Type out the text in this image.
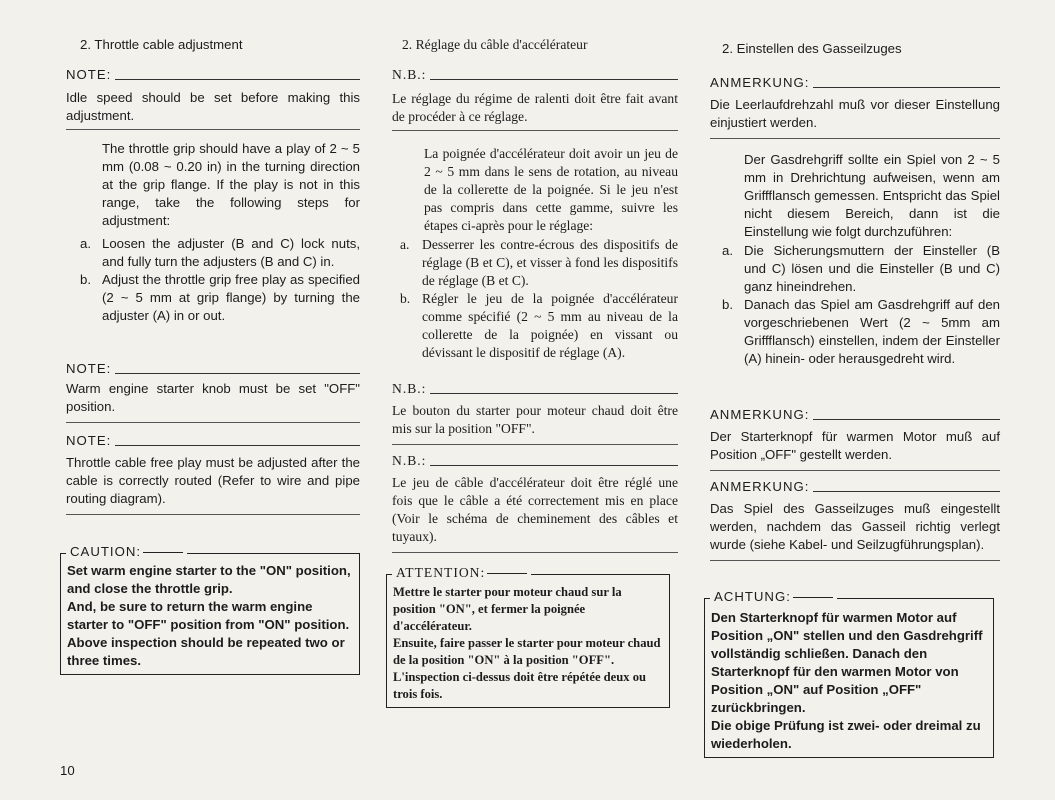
2. Throttle cable adjustment
NOTE:
Idle speed should be set before making this adjustment.
The throttle grip should have a play of 2 ~ 5 mm (0.08 ~ 0.20 in) in the turning direction at the grip flange. If the play is not in this range, take the following steps for adjustment:
a. Loosen the adjuster (B and C) lock nuts, and fully turn the adjusters (B and C) in.
b. Adjust the throttle grip free play as specified (2 ~ 5 mm at grip flange) by turning the adjuster (A) in or out.
NOTE:
Warm engine starter knob must be set "OFF" position.
NOTE:
Throttle cable free play must be adjusted after the cable is correctly routed (Refer to wire and pipe routing diagram).
Set warm engine starter to the "ON" position, and close the throttle grip.
And, be sure to return the warm engine starter to "OFF" position from "ON" position.
Above inspection should be repeated two or three times.
CAUTION:
2. Réglage du câble d'accélérateur
N.B.:
Le réglage du régime de ralenti doit être fait avant de procéder à ce réglage.
La poignée d'accélérateur doit avoir un jeu de 2 ~ 5 mm dans le sens de rotation, au niveau de la collerette de la poignée. Si le jeu n'est pas compris dans cette gamme, suivre les étapes ci-après pour le réglage:
a. Desserrer les contre-écrous des dispositifs de réglage (B et C), et visser à fond les dispositifs de réglage (B et C).
b. Régler le jeu de la poignée d'accélérateur comme spécifié (2 ~ 5 mm au niveau de la collerette de la poignée) en vissant ou dévissant le dispositif de réglage (A).
N.B.:
Le bouton du starter pour moteur chaud doit être mis sur la position "OFF".
N.B.:
Le jeu de câble d'accélérateur doit être réglé une fois que le câble a été correctement mis en place (Voir le schéma de cheminement des câbles et tuyaux).
Mettre le starter pour moteur chaud sur la position "ON", et fermer la poignée d'accélérateur.
Ensuite, faire passer le starter pour moteur chaud de la position "ON" à la position "OFF".
L'inspection ci-dessus doit être répétée deux ou trois fois.
ATTENTION:
2. Einstellen des Gasseilzuges
ANMERKUNG:
Die Leerlaufdrehzahl muß vor dieser Einstellung einjustiert werden.
Der Gasdrehgriff sollte ein Spiel von 2 ~ 5 mm in Drehrichtung aufweisen, wenn am Griffflansch gemessen. Entspricht das Spiel nicht diesem Bereich, dann ist die Einstellung wie folgt durchzuführen:
a. Die Sicherungsmuttern der Einsteller (B und C) lösen und die Einsteller (B und C) ganz hineindrehen.
b. Danach das Spiel am Gasdrehgriff auf den vorgeschriebenen Wert (2 ~ 5mm am Griffflansch) einstellen, indem der Einsteller (A) hinein- oder herausgedreht wird.
ANMERKUNG:
Der Starterknopf für warmen Motor muß auf Position „OFF" gestellt werden.
ANMERKUNG:
Das Spiel des Gasseilzuges muß eingestellt werden, nachdem das Gasseil richtig verlegt wurde (siehe Kabel- und Seilzugführungsplan).
Den Starterknopf für warmen Motor auf Position „ON" stellen und den Gasdrehgriff vollständig schließen. Danach den Starterknopf für den warmen Motor von Position „ON" auf Position „OFF" zurückbringen.
Die obige Prüfung ist zwei- oder dreimal zu wiederholen.
ACHTUNG:
10
